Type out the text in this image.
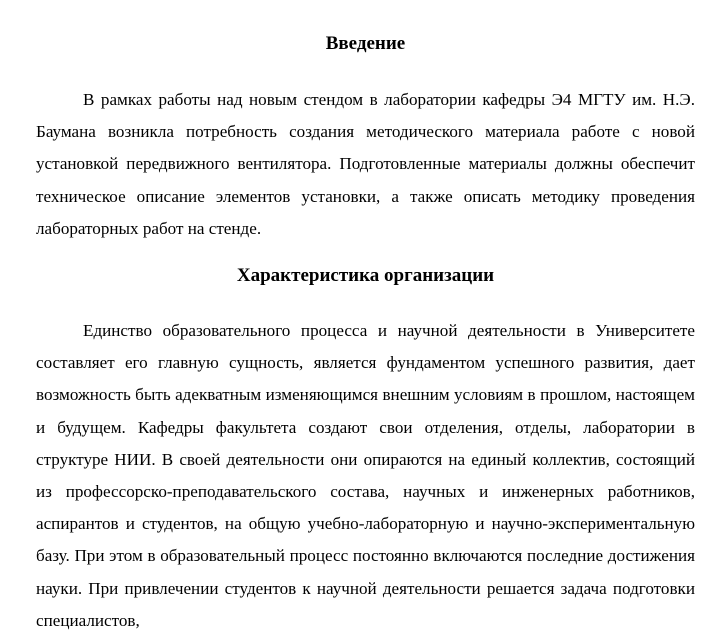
Введение

В рамках работы над новым стендом в лаборатории кафедры Э4 МГТУ им. Н.Э. Баумана возникла потребность создания методического материала работе с новой установкой передвижного вентилятора. Подготовленные материалы должны обеспечит техническое описание элементов установки, а также описать методику проведения лабораторных работ на стенде.

Характеристика организации

Единство образовательного процесса и научной деятельности в Университете составляет его главную сущность, является фундаментом успешного развития, дает возможность быть адекватным изменяющимся внешним условиям в прошлом, настоящем и будущем. Кафедры факультета создают свои отделения, отделы, лаборатории в структуре НИИ. В своей деятельности они опираются на единый коллектив, состоящий из профессорско-преподавательского состава, научных и инженерных работников, аспирантов и студентов, на общую учебно-лабораторную и научно-экспериментальную базу. При этом в образовательный процесс постоянно включаются последние достижения науки. При привлечении студентов к научной деятельности решается задача подготовки специалистов,
